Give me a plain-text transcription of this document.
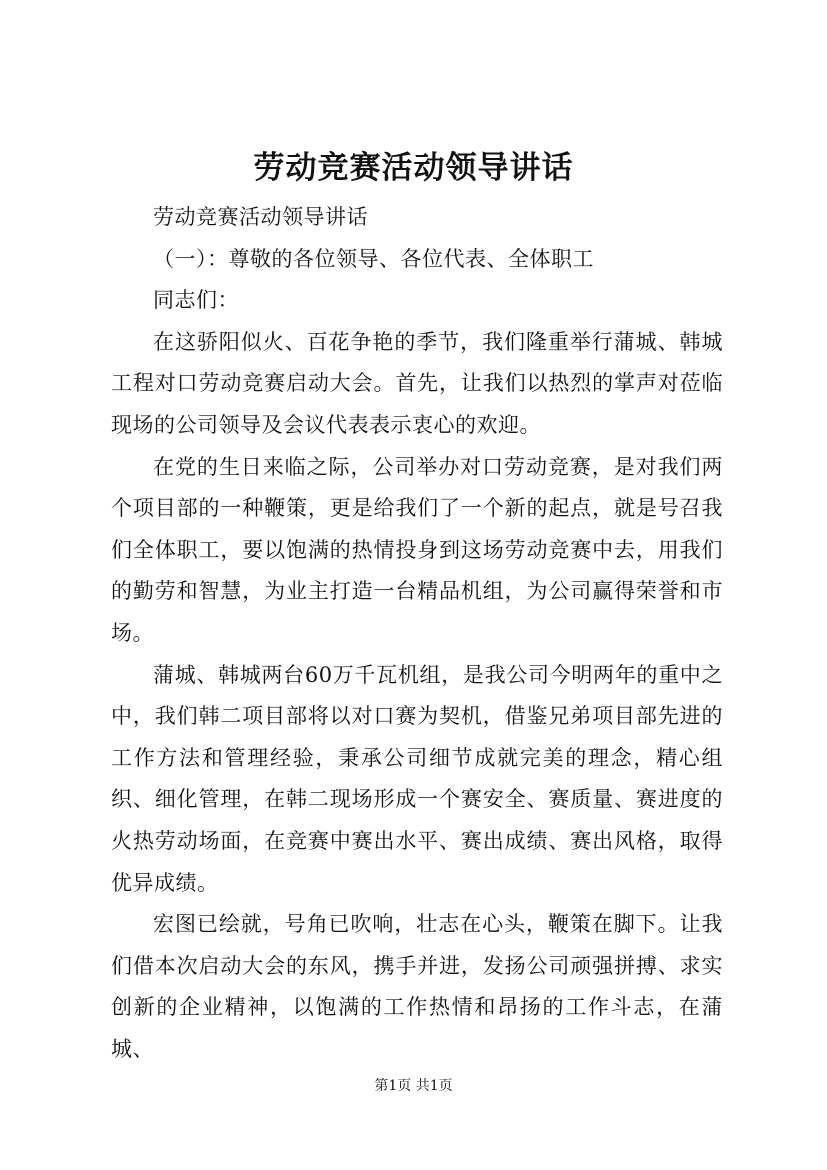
劳动竞赛活动领导讲话

劳动竞赛活动领导讲话

（一）：尊敬的各位领导、各位代表、全体职工

同志们：

在这骄阳似火、百花争艳的季节，我们隆重举行蒲城、韩城工程对口劳动竞赛启动大会。首先，让我们以热烈的掌声对莅临现场的公司领导及会议代表表示衷心的欢迎。

在党的生日来临之际，公司举办对口劳动竞赛，是对我们两个项目部的一种鞭策，更是给我们了一个新的起点，就是号召我们全体职工，要以饱满的热情投身到这场劳动竞赛中去，用我们的勤劳和智慧，为业主打造一台精品机组，为公司赢得荣誉和市场。

蒲城、韩城两台60万千瓦机组，是我公司今明两年的重中之中，我们韩二项目部将以对口赛为契机，借鉴兄弟项目部先进的工作方法和管理经验，秉承公司细节成就完美的理念，精心组织、细化管理，在韩二现场形成一个赛安全、赛质量、赛进度的火热劳动场面，在竞赛中赛出水平、赛出成绩、赛出风格，取得优异成绩。

宏图已绘就，号角已吹响，壮志在心头，鞭策在脚下。让我们借本次启动大会的东风，携手并进，发扬公司顽强拼搏、求实创新的企业精神，以饱满的工作热情和昂扬的工作斗志，在蒲城、

第1页 共1页
